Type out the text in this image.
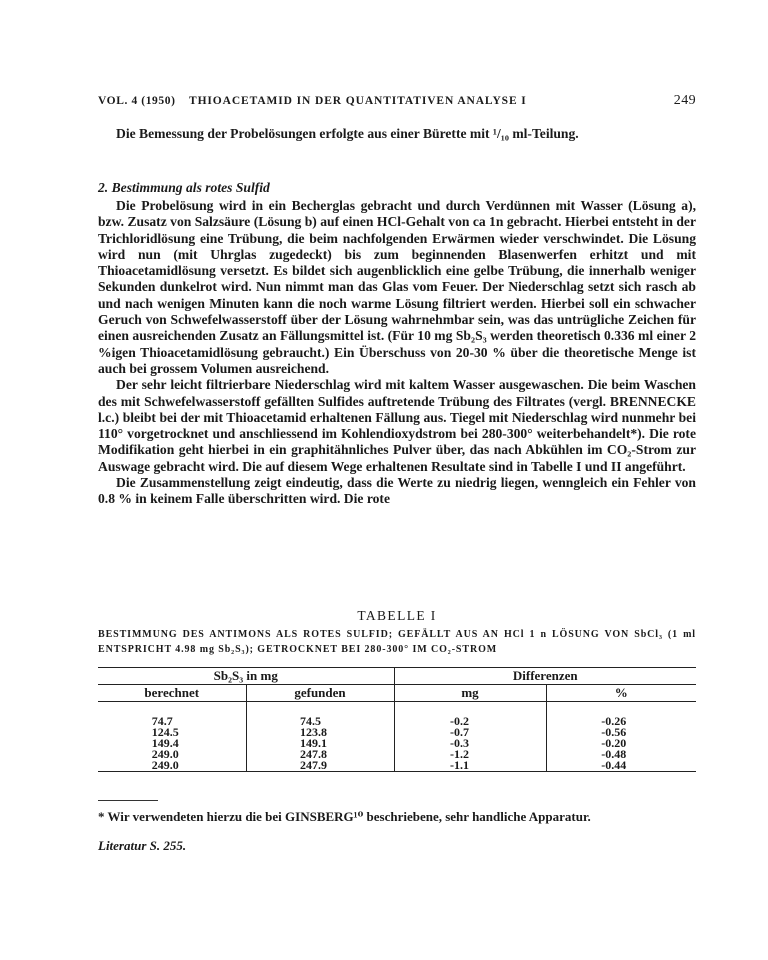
VOL. 4 (1950) THIOACETAMID IN DER QUANTITATIVEN ANALYSE I	249

Die Bemessung der Probelösungen erfolgte aus einer Bürette mit ¹/₁₀ ml-Teilung.

2. Bestimmung als rotes Sulfid

Die Probelösung wird in ein Becherglas gebracht und durch Verdünnen mit Wasser (Lösung a), bzw. Zusatz von Salzsäure (Lösung b) auf einen HCl-Gehalt von ca 1n gebracht. Hierbei entsteht in der Trichloridlösung eine Trübung, die beim nachfolgenden Erwärmen wieder verschwindet. Die Lösung wird nun (mit Uhrglas zugedeckt) bis zum beginnenden Blasenwerfen erhitzt und mit Thioacetamidlösung versetzt. Es bildet sich augenblicklich eine gelbe Trübung, die innerhalb weniger Sekunden dunkelrot wird. Nun nimmt man das Glas vom Feuer. Der Niederschlag setzt sich rasch ab und nach wenigen Minuten kann die noch warme Lösung filtriert werden. Hierbei soll ein schwacher Geruch von Schwefelwasserstoff über der Lösung wahrnehmbar sein, was das untrügliche Zeichen für einen ausreichenden Zusatz an Fällungsmittel ist. (Für 10 mg Sb₂S₃ werden theoretisch 0.336 ml einer 2 %igen Thioacetamidlösung gebraucht.) Ein Überschuss von 20-30 % über die theoretische Menge ist auch bei grossem Volumen ausreichend.

Der sehr leicht filtrierbare Niederschlag wird mit kaltem Wasser ausgewaschen. Die beim Waschen des mit Schwefelwasserstoff gefällten Sulfides auftretende Trübung des Filtrates (vergl. BRENNECKE l.c.) bleibt bei der mit Thioacetamid erhaltenen Fällung aus. Tiegel mit Niederschlag wird nunmehr bei 110° vorgetrocknet und anschliessend im Kohlendioxydstrom bei 280-300° weiterbehandelt*). Die rote Modifikation geht hierbei in ein graphitähnliches Pulver über, das nach Abkühlen im CO₂-Strom zur Auswage gebracht wird. Die auf diesem Wege erhaltenen Resultate sind in Tabelle I und II angeführt.

Die Zusammenstellung zeigt eindeutig, dass die Werte zu niedrig liegen, wenngleich ein Fehler von 0.8 % in keinem Falle überschritten wird. Die rote

TABELLE I
BESTIMMUNG DES ANTIMONS ALS ROTES SULFID; GEFÄLLT AUS AN HCl 1 n LÖSUNG VON SbCl₃ (1 ml ENTSPRICHT 4.98 mg Sb₂S₃); GETROCKNET BEI 280-300° IM CO₂-STROM
Sb₂S₃ in mg		Differenzen	
berechnet	gefunden	mg	%

74.7	74.5	-0.2	-0.26
124.5	123.8	-0.7	-0.56
149.4	149.1	-0.3	-0.20
249.0	247.8	-1.2	-0.48
249.0	247.9	-1.1	-0.44
* Wir verwendeten hierzu die bei GINSBERG¹⁰ beschriebene, sehr handliche Apparatur.
Literatur S. 255.
